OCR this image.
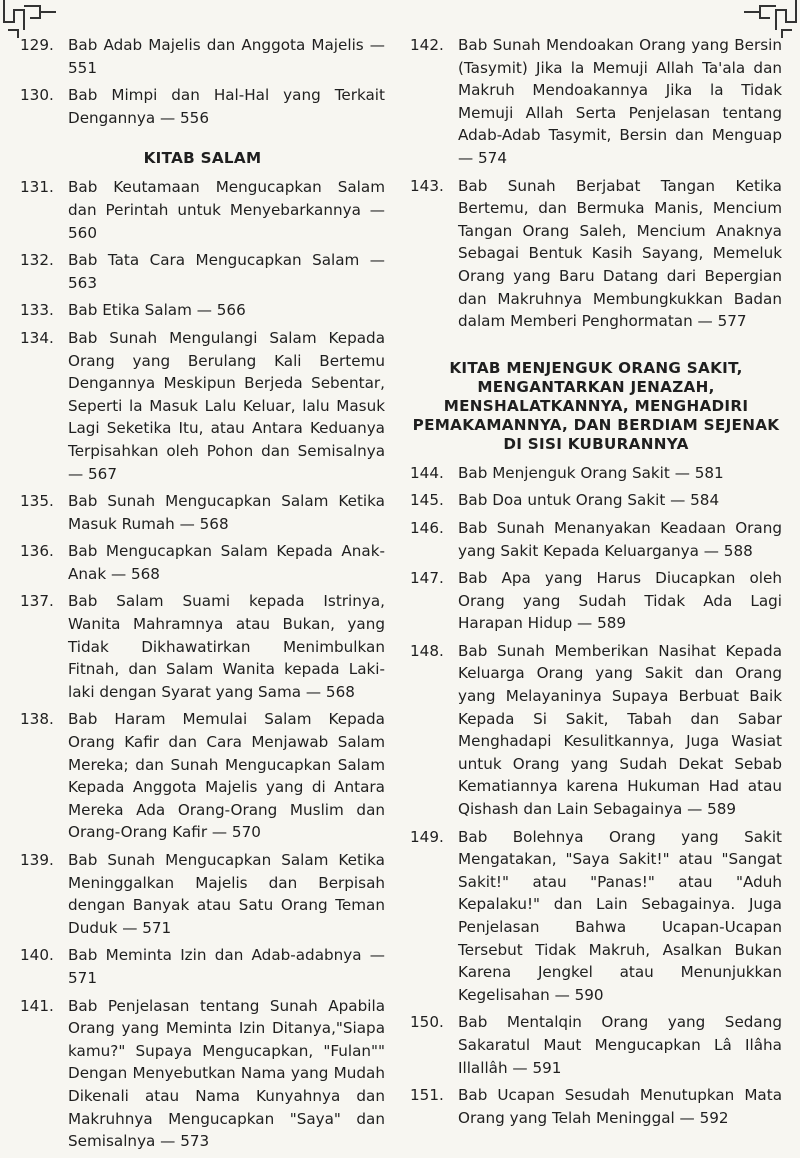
129. Bab Adab Majelis dan Anggota Majelis — 551
130. Bab Mimpi dan Hal-Hal yang Terkait Dengannya — 556
KITAB SALAM
131. Bab Keutamaan Mengucapkan Salam dan Perintah untuk Menyebarkannya — 560
132. Bab Tata Cara Mengucapkan Salam — 563
133. Bab Etika Salam — 566
134. Bab Sunah Mengulangi Salam Kepada Orang yang Berulang Kali Bertemu Dengannya Meskipun Berjeda Sebentar, Seperti la Masuk Lalu Keluar, lalu Masuk Lagi Seketika Itu, atau Antara Keduanya Terpisahkan oleh Pohon dan Semisalnya — 567
135. Bab Sunah Mengucapkan Salam Ketika Masuk Rumah — 568
136. Bab Mengucapkan Salam Kepada Anak-Anak — 568
137. Bab Salam Suami kepada Istrinya, Wanita Mahramnya atau Bukan, yang Tidak Dikhawatirkan Menimbulkan Fitnah, dan Salam Wanita kepada Laki-laki dengan Syarat yang Sama — 568
138. Bab Haram Memulai Salam Kepada Orang Kafir dan Cara Menjawab Salam Mereka; dan Sunah Mengucapkan Salam Kepada Anggota Majelis yang di Antara Mereka Ada Orang-Orang Muslim dan Orang-Orang Kafir — 570
139. Bab Sunah Mengucapkan Salam Ketika Meninggalkan Majelis dan Berpisah dengan Banyak atau Satu Orang Teman Duduk — 571
140. Bab Meminta Izin dan Adab-adabnya — 571
141. Bab Penjelasan tentang Sunah Apabila Orang yang Meminta Izin Ditanya,"Siapa kamu?" Supaya Mengucapkan, "Fulan"" Dengan Menyebutkan Nama yang Mudah Dikenali atau Nama Kunyahnya dan Makruhnya Mengucapkan "Saya" dan Semisalnya — 573
142. Bab Sunah Mendoakan Orang yang Bersin (Tasymit) Jika la Memuji Allah Ta'ala dan Makruh Mendoakannya Jika la Tidak Memuji Allah Serta Penjelasan tentang Adab-Adab Tasymit, Bersin dan Menguap — 574
143. Bab Sunah Berjabat Tangan Ketika Bertemu, dan Bermuka Manis, Mencium Tangan Orang Saleh, Mencium Anaknya Sebagai Bentuk Kasih Sayang, Memeluk Orang yang Baru Datang dari Bepergian dan Makruhnya Membungkukkan Badan dalam Memberi Penghormatan — 577
KITAB MENJENGUK ORANG SAKIT, MENGANTARKAN JENAZAH, MENSHALATKANNYA, MENGHADIRI PEMAKAMANNYA, DAN BERDIAM SEJENAK DI SISI KUBURANNYA
144. Bab Menjenguk Orang Sakit — 581
145. Bab Doa untuk Orang Sakit — 584
146. Bab Sunah Menanyakan Keadaan Orang yang Sakit Kepada Keluarganya — 588
147. Bab Apa yang Harus Diucapkan oleh Orang yang Sudah Tidak Ada Lagi Harapan Hidup — 589
148. Bab Sunah Memberikan Nasihat Kepada Keluarga Orang yang Sakit dan Orang yang Melayaninya Supaya Berbuat Baik Kepada Si Sakit, Tabah dan Sabar Menghadapi Kesulitkannya, Juga Wasiat untuk Orang yang Sudah Dekat Sebab Kematiannya karena Hukuman Had atau Qishash dan Lain Sebagainya — 589
149. Bab Bolehnya Orang yang Sakit Mengatakan, "Saya Sakit!" atau "Sangat Sakit!" atau "Panas!" atau "Aduh Kepalaku!" dan Lain Sebagainya. Juga Penjelasan Bahwa Ucapan-Ucapan Tersebut Tidak Makruh, Asalkan Bukan Karena Jengkel atau Menunjukkan Kegelisahan — 590
150. Bab Mentalqin Orang yang Sedang Sakaratul Maut Mengucapkan Lâ Ilâha Illallâh — 591
151. Bab Ucapan Sesudah Menutupkan Mata Orang yang Telah Meninggal — 592
